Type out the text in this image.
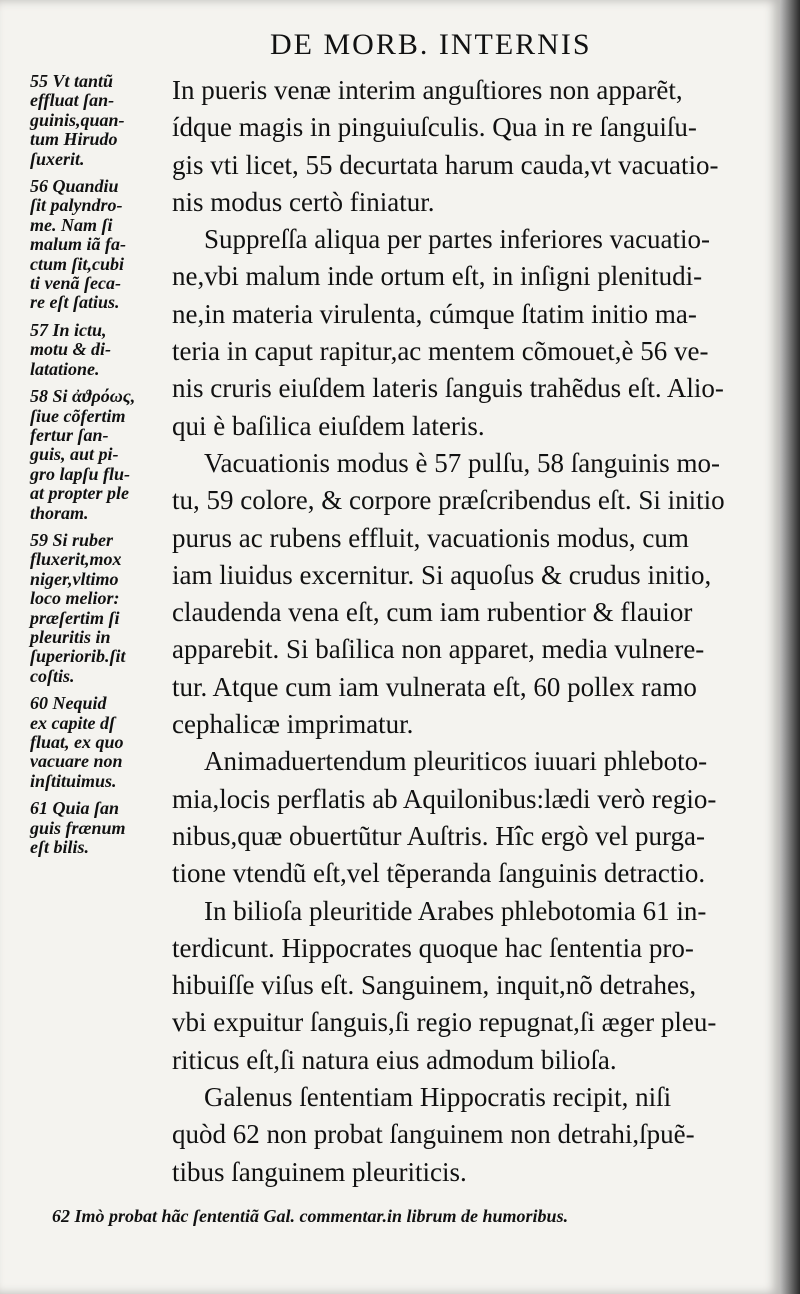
DE MORB. INTERNIS
55 Vt tantũ
effluat ſan-
guinis,quan-
tum Hirudo
ſuxerit.
56 Quandiu
ſit palyndro-
me. Nam ſi
malum iã fa-
ctum ſit,cubi
ti venã ſeca-
re eſt ſatius.
57 In ictu,
motu & di-
latatione.
58 Si ἀϑρόως,
ſiue cõfertim
fertur ſan-
guis, aut pi-
gro lapſu flu-
at propter ple
thoram.
59 Si ruber
fluxerit,mox
niger,vltimo
loco melior:
præſertim ſi
pleuritis in
ſuperiorib.ſit
coſtis.
60 Nequid
ex capite dſ
fluat, ex quo
vacuare non
inſtituimus.
61 Quia ſan
guis frænum
eſt bilis.
In pueris venæ interim anguſtiores non apparẽt,
ídque magis in pinguiuſculis. Qua in re ſanguiſu-
gis vti licet, 55 decurtata harum cauda,vt vacuatio-
nis modus certò finiatur.
Suppreſſa aliqua per partes inferiores vacuatio-
ne,vbi malum inde ortum eſt, in inſigni plenitudi-
ne,in materia virulenta, cúmque ſtatim initio ma-
teria in caput rapitur,ac mentem cõmouet,è 56 ve-
nis cruris eiuſdem lateris ſanguis trahẽdus eſt. Alio-
qui è baſilica eiuſdem lateris.
Vacuationis modus è 57 pulſu, 58 ſanguinis mo-
tu, 59 colore, & corpore præſcribendus eſt. Si initio
purus ac rubens effluit, vacuationis modus, cum
iam liuidus excernitur. Si aquoſus & crudus initio,
claudenda vena eſt, cum iam rubentior & flauior
apparebit. Si baſilica non apparet, media vulnere-
tur. Atque cum iam vulnerata eſt, 60 pollex ramo
cephalicæ imprimatur.
Animaduertendum pleuriticos iuuari phleboto-
mia,locis perflatis ab Aquilonibus:lædi verò regio-
nibus,quæ obuertũtur Auſtris. Hîc ergò vel purga-
tione vtendũ eſt,vel tẽperanda ſanguinis detractio.
In bilioſa pleuritide Arabes phlebotomia 61 in-
terdicunt. Hippocrates quoque hac ſententia pro-
hibuiſſe viſus eſt. Sanguinem, inquit,nõ detrahes,
vbi expuitur ſanguis,ſi regio repugnat,ſi æger pleu-
riticus eſt,ſi natura eius admodum bilioſa.
Galenus ſententiam Hippocratis recipit, niſi
quòd 62 non probat ſanguinem non detrahi,ſpuẽ-
tibus ſanguinem pleuriticis.
62 Imò probat hãc ſententiã Gal. commentar.in librum de humoribus.
